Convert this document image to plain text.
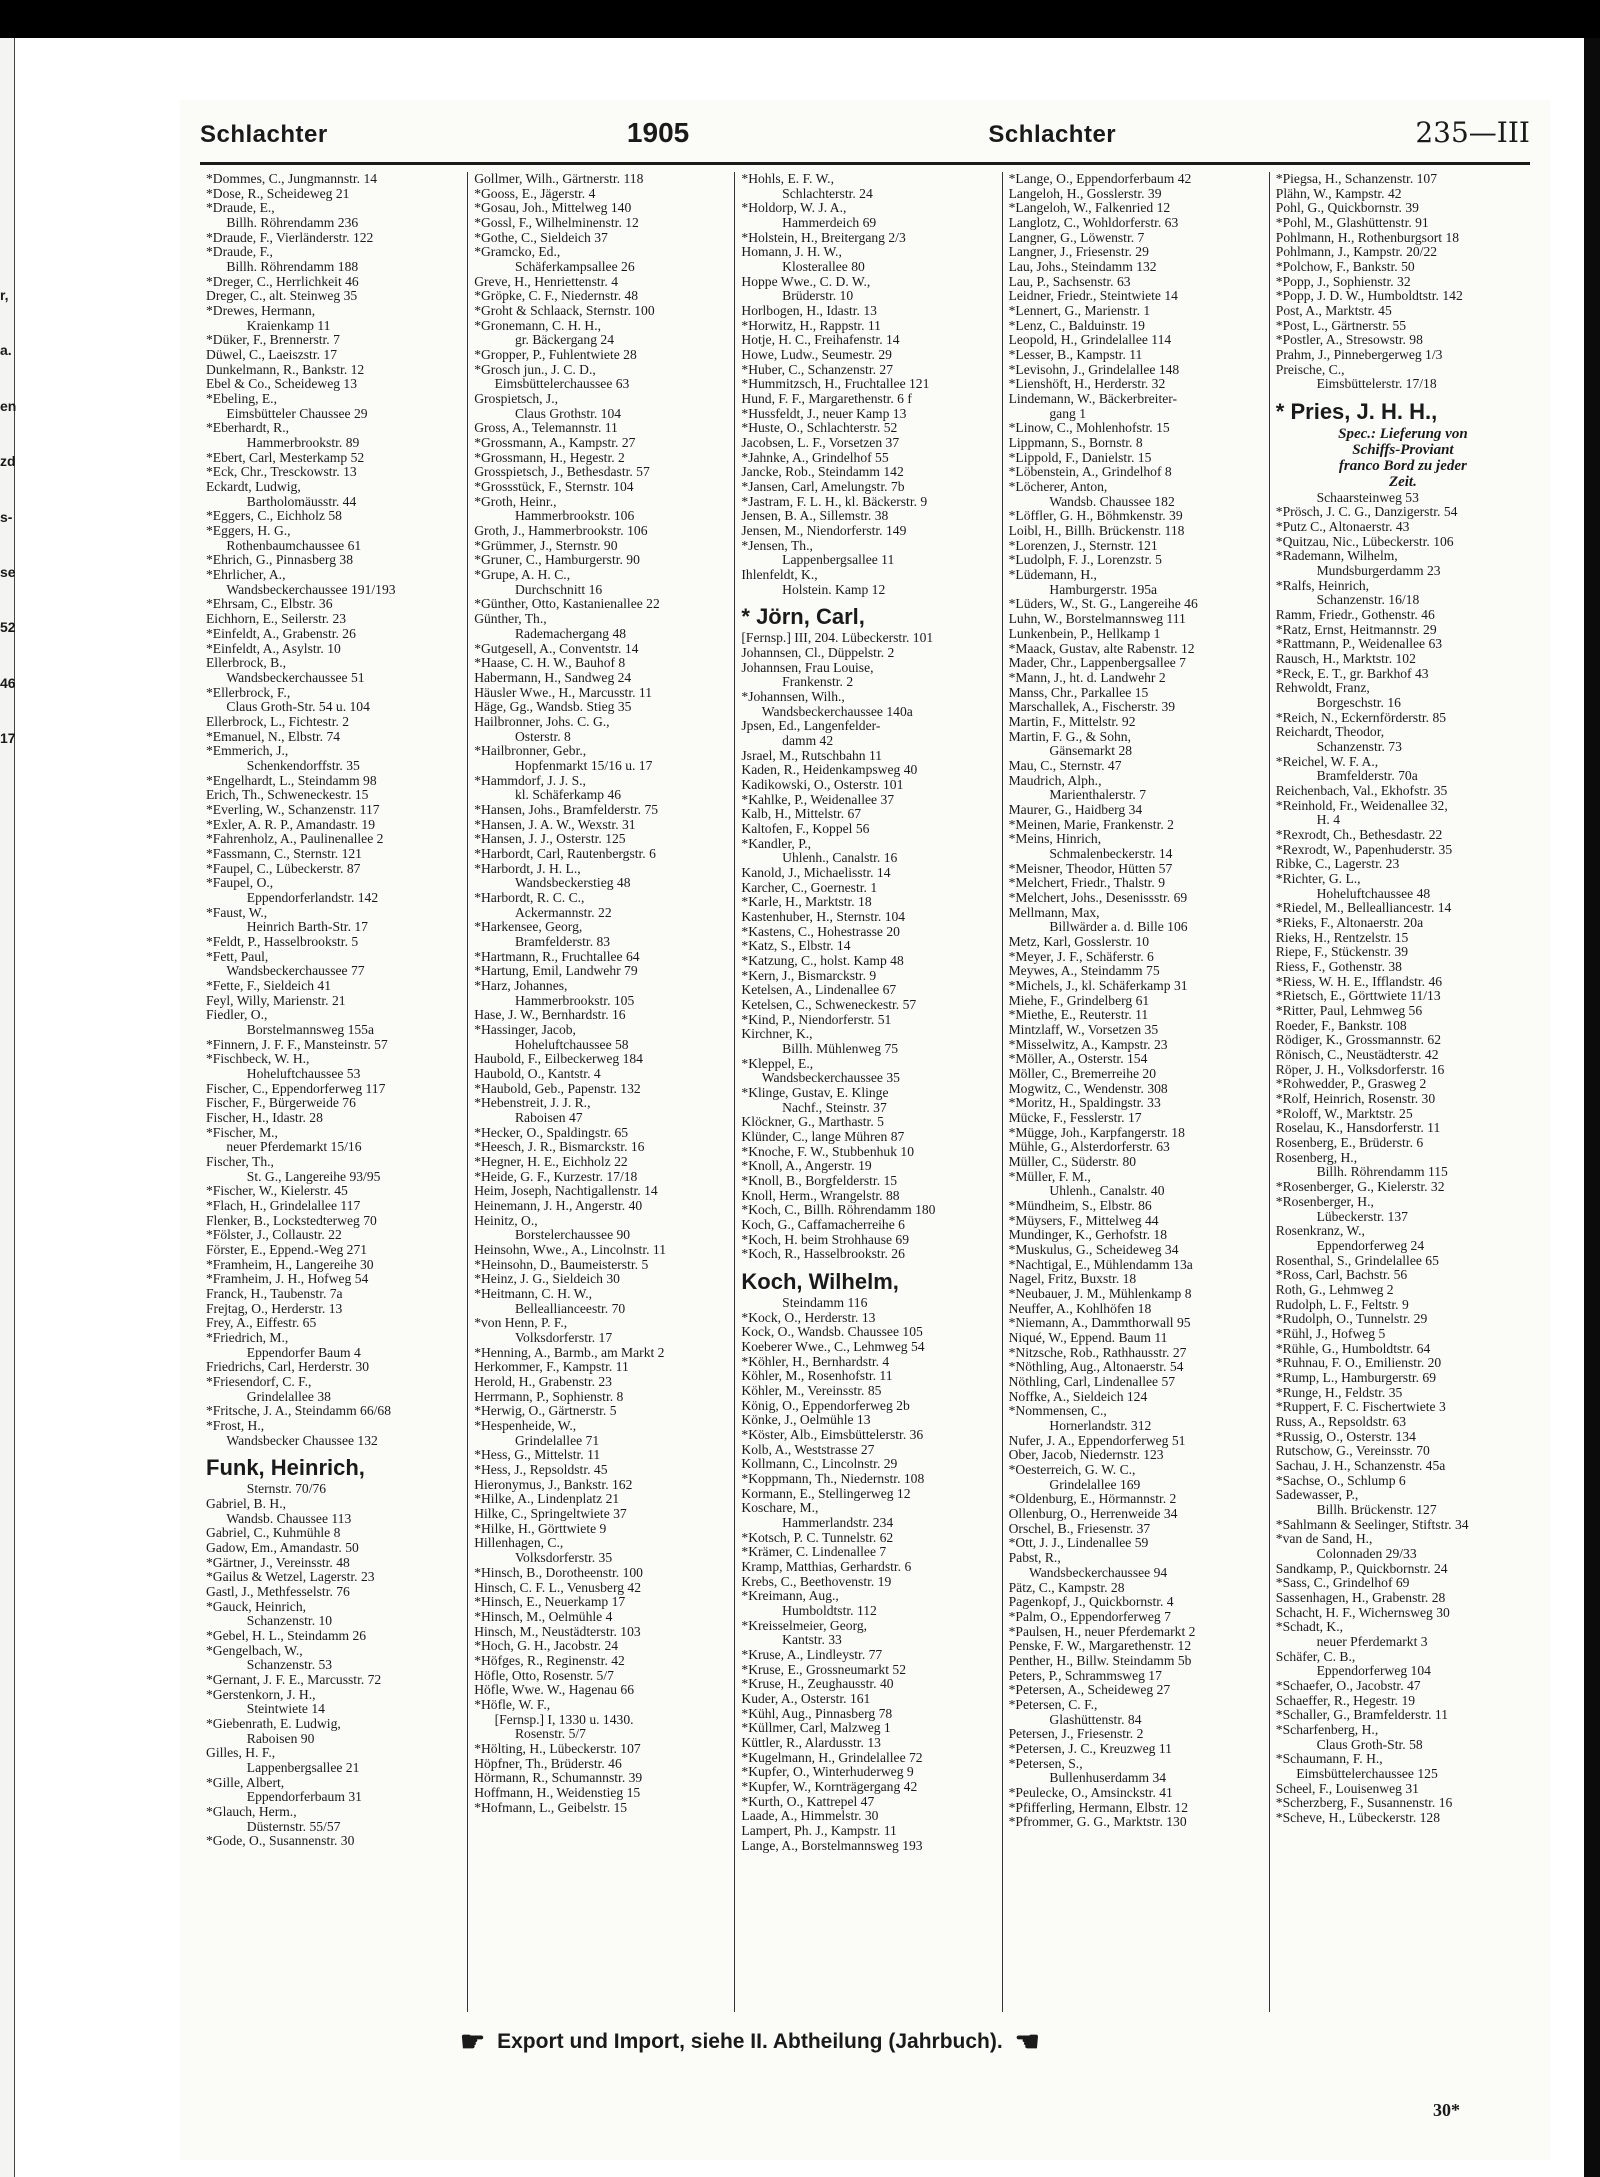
r,
a.
en
zd
s-
se
52
46
17
Schlachter	1905	Schlachter	235—III
*Dommes, C., Jungmannstr. 14
*Dose, R., Scheideweg 21
*Draude, E.,
Billh. Röhrendamm 236
*Draude, F., Vierländerstr. 122
*Draude, F.,
Billh. Röhrendamm 188
*Dreger, C., Herrlichkeit 46
Dreger, C., alt. Steinweg 35
*Drewes, Hermann,
Kraienkamp 11
*Düker, F., Brennerstr. 7
Düwel, C., Laeiszstr. 17
Dunkelmann, R., Bankstr. 12
Ebel & Co., Scheideweg 13
*Ebeling, E.,
Eimsbütteler Chaussee 29
*Eberhardt, R.,
Hammerbrookstr. 89
*Ebert, Carl, Mesterkamp 52
*Eck, Chr., Tresckowstr. 13
Eckardt, Ludwig,
Bartholomäusstr. 44
*Eggers, C., Eichholz 58
*Eggers, H. G.,
Rothenbaumchaussee 61
*Ehrich, G., Pinnasberg 38
*Ehrlicher, A.,
Wandsbeckerchaussee 191/193
*Ehrsam, C., Elbstr. 36
Eichhorn, E., Seilerstr. 23
*Einfeldt, A., Grabenstr. 26
*Einfeldt, A., Asylstr. 10
Ellerbrock, B.,
Wandsbeckerchaussee 51
*Ellerbrock, F.,
Claus Groth-Str. 54 u. 104
Ellerbrock, L., Fichtestr. 2
*Emanuel, N., Elbstr. 74
*Emmerich, J.,
Schenkendorffstr. 35
*Engelhardt, L., Steindamm 98
Erich, Th., Schweneckestr. 15
*Everling, W., Schanzenstr. 117
*Exler, A. R. P., Amandastr. 19
*Fahrenholz, A., Paulinenallee 2
*Fassmann, C., Sternstr. 121
*Faupel, C., Lübeckerstr. 87
*Faupel, O.,
Eppendorferlandstr. 142
*Faust, W.,
Heinrich Barth-Str. 17
*Feldt, P., Hasselbrookstr. 5
*Fett, Paul,
Wandsbeckerchaussee 77
*Fette, F., Sieldeich 41
Feyl, Willy, Marienstr. 21
Fiedler, O.,
Borstelmannsweg 155a
*Finnern, J. F. F., Mansteinstr. 57
*Fischbeck, W. H.,
Hoheluftchaussee 53
Fischer, C., Eppendorferweg 117
Fischer, F., Bürgerweide 76
Fischer, H., Idastr. 28
*Fischer, M.,
neuer Pferdemarkt 15/16
Fischer, Th.,
St. G., Langereihe 93/95
*Fischer, W., Kielerstr. 45
*Flach, H., Grindelallee 117
Flenker, B., Lockstedterweg 70
*Fölster, J., Collaustr. 22
Förster, E., Eppend.-Weg 271
*Framheim, H., Langereihe 30
*Framheim, J. H., Hofweg 54
Franck, H., Taubenstr. 7a
Frejtag, O., Herderstr. 13
Frey, A., Eiffestr. 65
*Friedrich, M.,
Eppendorfer Baum 4
Friedrichs, Carl, Herderstr. 30
*Friesendorf, C. F.,
Grindelallee 38
*Fritsche, J. A., Steindamm 66/68
*Frost, H.,
Wandsbecker Chaussee 132
Funk, Heinrich,
Sternstr. 70/76
Gabriel, B. H.,
Wandsb. Chaussee 113
Gabriel, C., Kuhmühle 8
Gadow, Em., Amandastr. 50
*Gärtner, J., Vereinsstr. 48
*Gailus & Wetzel, Lagerstr. 23
Gastl, J., Methfesselstr. 76
*Gauck, Heinrich,
Schanzenstr. 10
*Gebel, H. L., Steindamm 26
*Gengelbach, W.,
Schanzenstr. 53
*Gernant, J. F. E., Marcusstr. 72
*Gerstenkorn, J. H.,
Steintwiete 14
*Giebenrath, E. Ludwig,
Raboisen 90
Gilles, H. F.,
Lappenbergsallee 21
*Gille, Albert,
Eppendorferbaum 31
*Glauch, Herm.,
Düsternstr. 55/57
*Gode, O., Susannenstr. 30
Gollmer, Wilh., Gärtnerstr. 118
*Gooss, E., Jägerstr. 4
*Gosau, Joh., Mittelweg 140
*Gossl, F., Wilhelminenstr. 12
*Gothe, C., Sieldeich 37
*Gramcko, Ed.,
Schäferkampsallee 26
Greve, H., Henriettenstr. 4
*Gröpke, C. F., Niedernstr. 48
*Groht & Schlaack, Sternstr. 100
*Gronemann, C. H. H.,
gr. Bäckergang 24
*Gropper, P., Fuhlentwiete 28
*Grosch jun., J. C. D.,
Eimsbüttelerchaussee 63
Grospietsch, J.,
Claus Grothstr. 104
Gross, A., Telemannstr. 11
*Grossmann, A., Kampstr. 27
*Grossmann, H., Hegestr. 2
Grosspietsch, J., Bethesdastr. 57
*Grossstück, F., Sternstr. 104
*Groth, Heinr.,
Hammerbrookstr. 106
Groth, J., Hammerbrookstr. 106
*Grümmer, J., Sternstr. 90
*Gruner, C., Hamburgerstr. 90
*Grupe, A. H. C.,
Durchschnitt 16
*Günther, Otto, Kastanienallee 22
Günther, Th.,
Rademachergang 48
*Gutgesell, A., Conventstr. 14
*Haase, C. H. W., Bauhof 8
Habermann, H., Sandweg 24
Häusler Wwe., H., Marcusstr. 11
Häge, Gg., Wandsb. Stieg 35
Hailbronner, Johs. C. G.,
Osterstr. 8
*Hailbronner, Gebr.,
Hopfenmarkt 15/16 u. 17
*Hammdorf, J. J. S.,
kl. Schäferkamp 46
*Hansen, Johs., Bramfelderstr. 75
*Hansen, J. A. W., Wexstr. 31
*Hansen, J. J., Osterstr. 125
*Harbordt, Carl, Rautenbergstr. 6
*Harbordt, J. H. L.,
Wandsbeckerstieg 48
*Harbordt, R. C. C.,
Ackermannstr. 22
*Harkensee, Georg,
Bramfelderstr. 83
*Hartmann, R., Fruchtallee 64
*Hartung, Emil, Landwehr 79
*Harz, Johannes,
Hammerbrookstr. 105
Hase, J. W., Bernhardstr. 16
*Hassinger, Jacob,
Hoheluftchaussee 58
Haubold, F., Eilbeckerweg 184
Haubold, O., Kantstr. 4
*Haubold, Geb., Papenstr. 132
*Hebenstreit, J. J. R.,
Raboisen 47
*Hecker, O., Spaldingstr. 65
*Heesch, J. R., Bismarckstr. 16
*Hegner, H. E., Eichholz 22
*Heide, G. F., Kurzestr. 17/18
Heim, Joseph, Nachtigallenstr. 14
Heinemann, J. H., Angerstr. 40
Heinitz, O.,
Borstelerchaussee 90
Heinsohn, Wwe., A., Lincolnstr. 11
*Heinsohn, D., Baumeisterstr. 5
*Heinz, J. G., Sieldeich 30
*Heitmann, C. H. W.,
Belleallianceestr. 70
*von Henn, P. F.,
Volksdorferstr. 17
*Henning, A., Barmb., am Markt 2
Herkommer, F., Kampstr. 11
Herold, H., Grabenstr. 23
Herrmann, P., Sophienstr. 8
*Herwig, O., Gärtnerstr. 5
*Hespenheide, W.,
Grindelallee 71
*Hess, G., Mittelstr. 11
*Hess, J., Repsoldstr. 45
Hieronymus, J., Bankstr. 162
*Hilke, A., Lindenplatz 21
Hilke, C., Springeltwiete 37
*Hilke, H., Görttwiete 9
Hillenhagen, C.,
Volksdorferstr. 35
*Hinsch, B., Dorotheenstr. 100
Hinsch, C. F. L., Venusberg 42
*Hinsch, E., Neuerkamp 17
*Hinsch, M., Oelmühle 4
Hinsch, M., Neustädterstr. 103
*Hoch, G. H., Jacobstr. 24
*Höfges, R., Reginenstr. 42
Höfle, Otto, Rosenstr. 5/7
Höfle, Wwe. W., Hagenau 66
*Höfle, W. F.,
[Fernsp.] I, 1330 u. 1430.
Rosenstr. 5/7
*Hölting, H., Lübeckerstr. 107
Höpfner, Th., Brüderstr. 46
Hörmann, R., Schumannstr. 39
Hoffmann, H., Weidenstieg 15
*Hofmann, L., Geibelstr. 15
*Hohls, E. F. W.,
Schlachterstr. 24
*Holdorp, W. J. A.,
Hammerdeich 69
*Holstein, H., Breitergang 2/3
Homann, J. H. W.,
Klosterallee 80
Hoppe Wwe., C. D. W.,
Brüderstr. 10
Horlbogen, H., Idastr. 13
*Horwitz, H., Rappstr. 11
Hotje, H. C., Freihafenstr. 14
Howe, Ludw., Seumestr. 29
*Huber, C., Schanzenstr. 27
*Hummitzsch, H., Fruchtallee 121
Hund, F. F., Margarethenstr. 6 f
*Hussfeldt, J., neuer Kamp 13
*Huste, O., Schlachterstr. 52
Jacobsen, L. F., Vorsetzen 37
*Jahnke, A., Grindelhof 55
Jancke, Rob., Steindamm 142
*Jansen, Carl, Amelungstr. 7b
*Jastram, F. L. H., kl. Bäckerstr. 9
Jensen, B. A., Sillemstr. 38
Jensen, M., Niendorferstr. 149
*Jensen, Th.,
Lappenbergsallee 11
Ihlenfeldt, K.,
Holstein. Kamp 12
* Jörn, Carl,
[Fernsp.] III, 204. Lübeckerstr. 101
Johannsen, Cl., Düppelstr. 2
Johannsen, Frau Louise,
Frankenstr. 2
*Johannsen, Wilh.,
Wandsbeckerchaussee 140a
Jpsen, Ed., Langenfelder-
damm 42
Jsrael, M., Rutschbahn 11
Kaden, R., Heidenkampsweg 40
Kadikowski, O., Osterstr. 101
*Kahlke, P., Weidenallee 37
Kalb, H., Mittelstr. 67
Kaltofen, F., Koppel 56
*Kandler, P.,
Uhlenh., Canalstr. 16
Kanold, J., Michaelisstr. 14
Karcher, C., Goernestr. 1
*Karle, H., Marktstr. 18
Kastenhuber, H., Sternstr. 104
*Kastens, C., Hohestrasse 20
*Katz, S., Elbstr. 14
*Katzung, C., holst. Kamp 48
*Kern, J., Bismarckstr. 9
Ketelsen, A., Lindenallee 67
Ketelsen, C., Schweneckestr. 57
*Kind, P., Niendorferstr. 51
Kirchner, K.,
Billh. Mühlenweg 75
*Kleppel, E.,
Wandsbeckerchaussee 35
*Klinge, Gustav, E. Klinge
Nachf., Steinstr. 37
Klöckner, G., Marthastr. 5
Klünder, C., lange Mühren 87
*Knoche, F. W., Stubbenhuk 10
*Knoll, A., Angerstr. 19
*Knoll, B., Borgfelderstr. 15
Knoll, Herm., Wrangelstr. 88
*Koch, C., Billh. Röhrendamm 180
Koch, G., Caffamacherreihe 6
*Koch, H. beim Strohhause 69
*Koch, R., Hasselbrookstr. 26
Koch, Wilhelm,
Steindamm 116
*Kock, O., Herderstr. 13
Kock, O., Wandsb. Chaussee 105
Koeberer Wwe., C., Lehmweg 54
*Köhler, H., Bernhardstr. 4
Köhler, M., Rosenhofstr. 11
Köhler, M., Vereinsstr. 85
König, O., Eppendorferweg 2b
Könke, J., Oelmühle 13
*Köster, Alb., Eimsbüttelerstr. 36
Kolb, A., Weststrasse 27
Kollmann, C., Lincolnstr. 29
*Koppmann, Th., Niedernstr. 108
Kormann, E., Stellingerweg 12
Koschare, M.,
Hammerlandstr. 234
*Kotsch, P. C. Tunnelstr. 62
*Krämer, C. Lindenallee 7
Kramp, Matthias, Gerhardstr. 6
Krebs, C., Beethovenstr. 19
*Kreimann, Aug.,
Humboldtstr. 112
*Kreisselmeier, Georg,
Kantstr. 33
*Kruse, A., Lindleystr. 77
*Kruse, E., Grossneumarkt 52
*Kruse, H., Zeughausstr. 40
Kuder, A., Osterstr. 161
*Kühl, Aug., Pinnasberg 78
*Küllmer, Carl, Malzweg 1
Küttler, R., Alardusstr. 13
*Kugelmann, H., Grindelallee 72
*Kupfer, O., Winterhuderweg 9
*Kupfer, W., Kornträgergang 42
*Kurth, O., Kattrepel 47
Laade, A., Himmelstr. 30
Lampert, Ph. J., Kampstr. 11
Lange, A., Borstelmannsweg 193
*Lange, O., Eppendorferbaum 42
Langeloh, H., Gosslerstr. 39
*Langeloh, W., Falkenried 12
Langlotz, C., Wohldorferstr. 63
Langner, G., Löwenstr. 7
Langner, J., Friesenstr. 29
Lau, Johs., Steindamm 132
Lau, P., Sachsenstr. 63
Leidner, Friedr., Steintwiete 14
*Lennert, G., Marienstr. 1
*Lenz, C., Balduinstr. 19
Leopold, H., Grindelallee 114
*Lesser, B., Kampstr. 11
*Levisohn, J., Grindelallee 148
*Lienshöft, H., Herderstr. 32
Lindemann, W., Bäckerbreiter-
gang 1
*Linow, C., Mohlenhofstr. 15
Lippmann, S., Bornstr. 8
*Lippold, F., Danielstr. 15
*Löbenstein, A., Grindelhof 8
*Löcherer, Anton,
Wandsb. Chaussee 182
*Löffler, G. H., Böhmkenstr. 39
Loibl, H., Billh. Brückenstr. 118
*Lorenzen, J., Sternstr. 121
*Ludolph, F. J., Lorenzstr. 5
*Lüdemann, H.,
Hamburgerstr. 195a
*Lüders, W., St. G., Langereihe 46
Luhn, W., Borstelmannsweg 111
Lunkenbein, P., Hellkamp 1
*Maack, Gustav, alte Rabenstr. 12
Mader, Chr., Lappenbergsallee 7
*Mann, J., ht. d. Landwehr 2
Manss, Chr., Parkallee 15
Marschallek, A., Fischerstr. 39
Martin, F., Mittelstr. 92
Martin, F. G., & Sohn,
Gänsemarkt 28
Mau, C., Sternstr. 47
Maudrich, Alph.,
Marienthalerstr. 7
Maurer, G., Haidberg 34
*Meinen, Marie, Frankenstr. 2
*Meins, Hinrich,
Schmalenbeckerstr. 14
*Meisner, Theodor, Hütten 57
*Melchert, Friedr., Thalstr. 9
*Melchert, Johs., Desenissstr. 69
Mellmann, Max,
Billwärder a. d. Bille 106
Metz, Karl, Gosslerstr. 10
*Meyer, J. F., Schäferstr. 6
Meywes, A., Steindamm 75
*Michels, J., kl. Schäferkamp 31
Miehe, F., Grindelberg 61
*Miethe, E., Reuterstr. 11
Mintzlaff, W., Vorsetzen 35
*Misselwitz, A., Kampstr. 23
*Möller, A., Osterstr. 154
Möller, C., Bremerreihe 20
Mogwitz, C., Wendenstr. 308
*Moritz, H., Spaldingstr. 33
Mücke, F., Fesslerstr. 17
*Mügge, Joh., Karpfangerstr. 18
Mühle, G., Alsterdorferstr. 63
Müller, C., Süderstr. 80
*Müller, F. M.,
Uhlenh., Canalstr. 40
*Mündheim, S., Elbstr. 86
*Müysers, F., Mittelweg 44
Mundinger, K., Gerhofstr. 18
*Muskulus, G., Scheideweg 34
*Nachtigal, E., Mühlendamm 13a
Nagel, Fritz, Buxstr. 18
*Neubauer, J. M., Mühlenkamp 8
Neuffer, A., Kohlhöfen 18
*Niemann, A., Dammthorwall 95
Niqué, W., Eppend. Baum 11
*Nitzsche, Rob., Rathhausstr. 27
*Nöthling, Aug., Altonaerstr. 54
Nöthling, Carl, Lindenallee 57
Noffke, A., Sieldeich 124
*Nommensen, C.,
Hornerlandstr. 312
Nufer, J. A., Eppendorferweg 51
Ober, Jacob, Niedernstr. 123
*Oesterreich, G. W. C.,
Grindelallee 169
*Oldenburg, E., Hörmannstr. 2
Ollenburg, O., Herrenweide 34
Orschel, B., Friesenstr. 37
*Ott, J. J., Lindenallee 59
Pabst, R.,
Wandsbeckerchaussee 94
Pätz, C., Kampstr. 28
Pagenkopf, J., Quickbornstr. 4
*Palm, O., Eppendorferweg 7
*Paulsen, H., neuer Pferdemarkt 2
Penske, F. W., Margarethenstr. 12
Penther, H., Billw. Steindamm 5b
Peters, P., Schrammsweg 17
*Petersen, A., Scheideweg 27
*Petersen, C. F.,
Glashüttenstr. 84
Petersen, J., Friesenstr. 2
*Petersen, J. C., Kreuzweg 11
*Petersen, S.,
Bullenhuserdamm 34
*Peulecke, O., Amsinckstr. 41
*Pfifferling, Hermann, Elbstr. 12
*Pfrommer, G. G., Marktstr. 130
*Piegsa, H., Schanzenstr. 107
Plähn, W., Kampstr. 42
Pohl, G., Quickbornstr. 39
*Pohl, M., Glashüttenstr. 91
Pohlmann, H., Rothenburgsort 18
Pohlmann, J., Kampstr. 20/22
*Polchow, F., Bankstr. 50
*Popp, J., Sophienstr. 32
*Popp, J. D. W., Humboldtstr. 142
Post, A., Marktstr. 45
*Post, L., Gärtnerstr. 55
*Postler, A., Stresowstr. 98
Prahm, J., Pinnebergerweg 1/3
Preische, C.,
Eimsbüttelerstr. 17/18
* Pries, J. H. H.,
Spec.: Lieferung von
Schiffs-Proviant
franco Bord zu jeder
Zeit.
Schaarsteinweg 53
*Prösch, J. C. G., Danzigerstr. 54
*Putz C., Altonaerstr. 43
*Quitzau, Nic., Lübeckerstr. 106
*Rademann, Wilhelm,
Mundsburgerdamm 23
*Ralfs, Heinrich,
Schanzenstr. 16/18
Ramm, Friedr., Gothenstr. 46
*Ratz, Ernst, Heitmannstr. 29
*Rattmann, P., Weidenallee 63
Rausch, H., Marktstr. 102
*Reck, E. T., gr. Barkhof 43
Rehwoldt, Franz,
Borgeschstr. 16
*Reich, N., Eckernförderstr. 85
Reichardt, Theodor,
Schanzenstr. 73
*Reichel, W. F. A.,
Bramfelderstr. 70a
Reichenbach, Val., Ekhofstr. 35
*Reinhold, Fr., Weidenallee 32,
H. 4
*Rexrodt, Ch., Bethesdastr. 22
*Rexrodt, W., Papenhuderstr. 35
Ribke, C., Lagerstr. 23
*Richter, G. L.,
Hoheluftchaussee 48
*Riedel, M., Bellealliancestr. 14
*Rieks, F., Altonaerstr. 20a
Rieks, H., Rentzelstr. 15
Riepe, F., Stückenstr. 39
Riess, F., Gothenstr. 38
*Riess, W. H. E., Ifflandstr. 46
*Rietsch, E., Görttwiete 11/13
*Ritter, Paul, Lehmweg 56
Roeder, F., Bankstr. 108
Rödiger, K., Grossmannstr. 62
Rönisch, C., Neustädterstr. 42
Röper, J. H., Volksdorferstr. 16
*Rohwedder, P., Grasweg 2
*Rolf, Heinrich, Rosenstr. 30
*Roloff, W., Marktstr. 25
Roselau, K., Hansdorferstr. 11
Rosenberg, E., Brüderstr. 6
Rosenberg, H.,
Billh. Röhrendamm 115
*Rosenberger, G., Kielerstr. 32
*Rosenberger, H.,
Lübeckerstr. 137
Rosenkranz, W.,
Eppendorferweg 24
Rosenthal, S., Grindelallee 65
*Ross, Carl, Bachstr. 56
Roth, G., Lehmweg 2
Rudolph, L. F., Feltstr. 9
*Rudolph, O., Tunnelstr. 29
*Rühl, J., Hofweg 5
*Rühle, G., Humboldtstr. 64
*Ruhnau, F. O., Emilienstr. 20
*Rump, L., Hamburgerstr. 69
*Runge, H., Feldstr. 35
*Ruppert, F. C. Fischertwiete 3
Russ, A., Repsoldstr. 63
*Russig, O., Osterstr. 134
Rutschow, G., Vereinsstr. 70
Sachau, J. H., Schanzenstr. 45a
*Sachse, O., Schlump 6
Sadewasser, P.,
Billh. Brückenstr. 127
*Sahlmann & Seelinger, Stiftstr. 34
*van de Sand, H.,
Colonnaden 29/33
Sandkamp, P., Quickbornstr. 24
*Sass, C., Grindelhof 69
Sassenhagen, H., Grabenstr. 28
Schacht, H. F., Wichernsweg 30
*Schadt, K.,
neuer Pferdemarkt 3
Schäfer, C. B.,
Eppendorferweg 104
*Schaefer, O., Jacobstr. 47
Schaeffer, R., Hegestr. 19
*Schaller, G., Bramfelderstr. 11
*Scharfenberg, H.,
Claus Groth-Str. 58
*Schaumann, F. H.,
Eimsbüttelerchaussee 125
Scheel, F., Louisenweg 31
*Scherzberg, F., Susannenstr. 16
*Scheve, H., Lübeckerstr. 128
☛ Export und Import, siehe II. Abtheilung (Jahrbuch). ☚
30*
